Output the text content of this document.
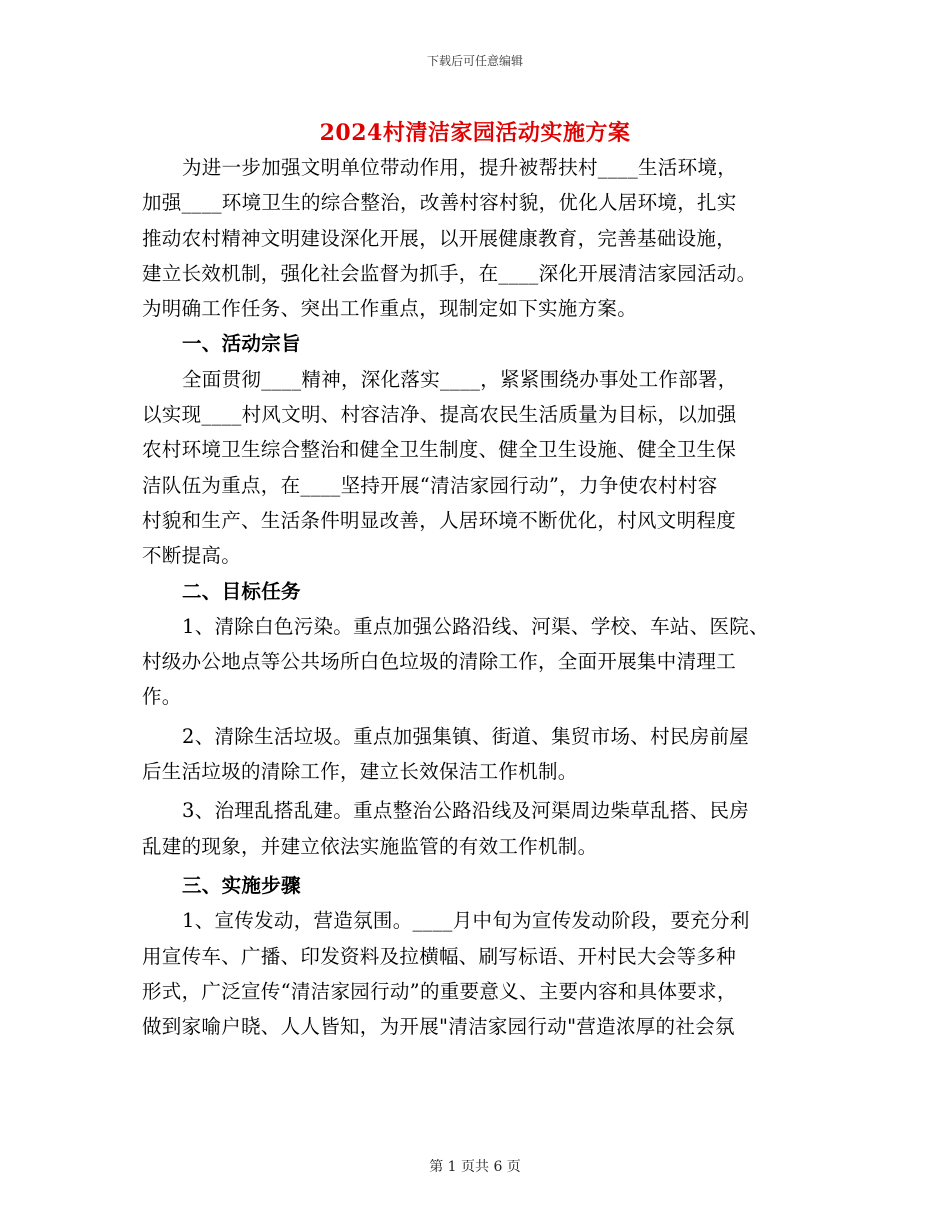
下载后可任意编辑
2024村清洁家园活动实施方案
为进一步加强文明单位带动作用，提升被帮扶村____生活环境，
加强____环境卫生的综合整治，改善村容村貌，优化人居环境，扎实
推动农村精神文明建设深化开展，以开展健康教育，完善基础设施，
建立长效机制，强化社会监督为抓手，在____深化开展清洁家园活动。
为明确工作任务、突出工作重点，现制定如下实施方案。
一、活动宗旨
全面贯彻____精神，深化落实____，紧紧围绕办事处工作部署，
以实现____村风文明、村容洁净、提高农民生活质量为目标，以加强
农村环境卫生综合整治和健全卫生制度、健全卫生设施、健全卫生保
洁队伍为重点，在____坚持开展“清洁家园行动”，力争使农村村容
村貌和生产、生活条件明显改善，人居环境不断优化，村风文明程度
不断提高。
二、目标任务
1、清除白色污染。重点加强公路沿线、河渠、学校、车站、医院、
村级办公地点等公共场所白色垃圾的清除工作，全面开展集中清理工
作。
2、清除生活垃圾。重点加强集镇、街道、集贸市场、村民房前屋
后生活垃圾的清除工作，建立长效保洁工作机制。
3、治理乱搭乱建。重点整治公路沿线及河渠周边柴草乱搭、民房
乱建的现象，并建立依法实施监管的有效工作机制。
三、实施步骤
1、宣传发动，营造氛围。____月中旬为宣传发动阶段，要充分利
用宣传车、广播、印发资料及拉横幅、刷写标语、开村民大会等多种
形式，广泛宣传“清洁家园行动”的重要意义、主要内容和具体要求，
做到家喻户晓、人人皆知，为开展"清洁家园行动"营造浓厚的社会氛
第 1 页共 6 页
